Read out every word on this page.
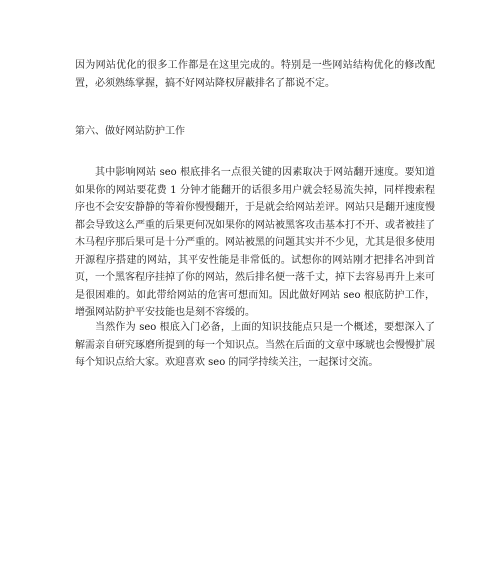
因为网站优化的很多工作都是在这里完成的。特别是一些网站结构优化的修改配置，必须熟练掌握，搞不好网站降权屏蔽排名了都说不定。

第六、做好网站防护工作

其中影响网站 seo 根底排名一点很关键的因素取决于网站翻开速度。要知道如果你的网站要花费 1 分钟才能翻开的话很多用户就会轻易流失掉，同样搜索程序也不会安安静静的等着你慢慢翻开，于是就会给网站差评。网站只是翻开速度慢都会导致这么严重的后果更何况如果你的网站被黑客攻击基本打不开、或者被挂了木马程序那后果可是十分严重的。网站被黑的问题其实并不少见，尤其是很多使用开源程序搭建的网站，其平安性能是非常低的。试想你的网站刚才把排名冲到首页，一个黑客程序挂掉了你的网站，然后排名便一落千丈，掉下去容易再升上来可是很困难的。如此带给网站的危害可想而知。因此做好网站 seo 根底防护工作，增强网站防护平安技能也是刻不容缓的。

当然作为 seo 根底入门必备，上面的知识技能点只是一个概述，要想深入了解需亲自研究琢磨所提到的每一个知识点。当然在后面的文章中琢琥也会慢慢扩展每个知识点给大家。欢迎喜欢 seo 的同学持续关注，一起探讨交流。
